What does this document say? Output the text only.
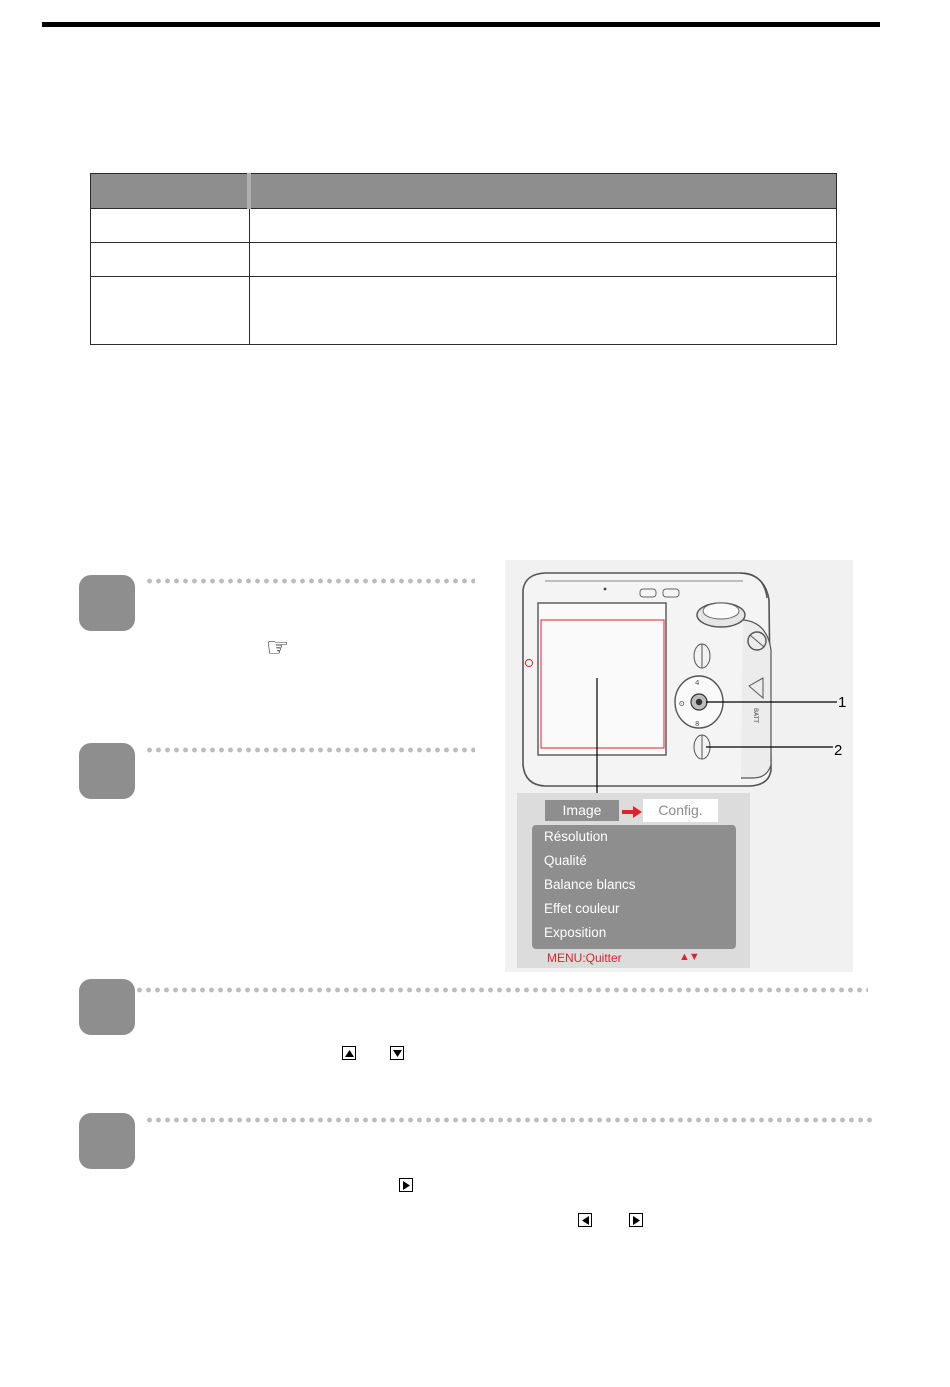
☞
BATT
4
ʘ
8
1
2
Image	Config.
Résolution
Qualité
Balance blancs
Effet couleur
Exposition
MENU:Quitter	▲▼
